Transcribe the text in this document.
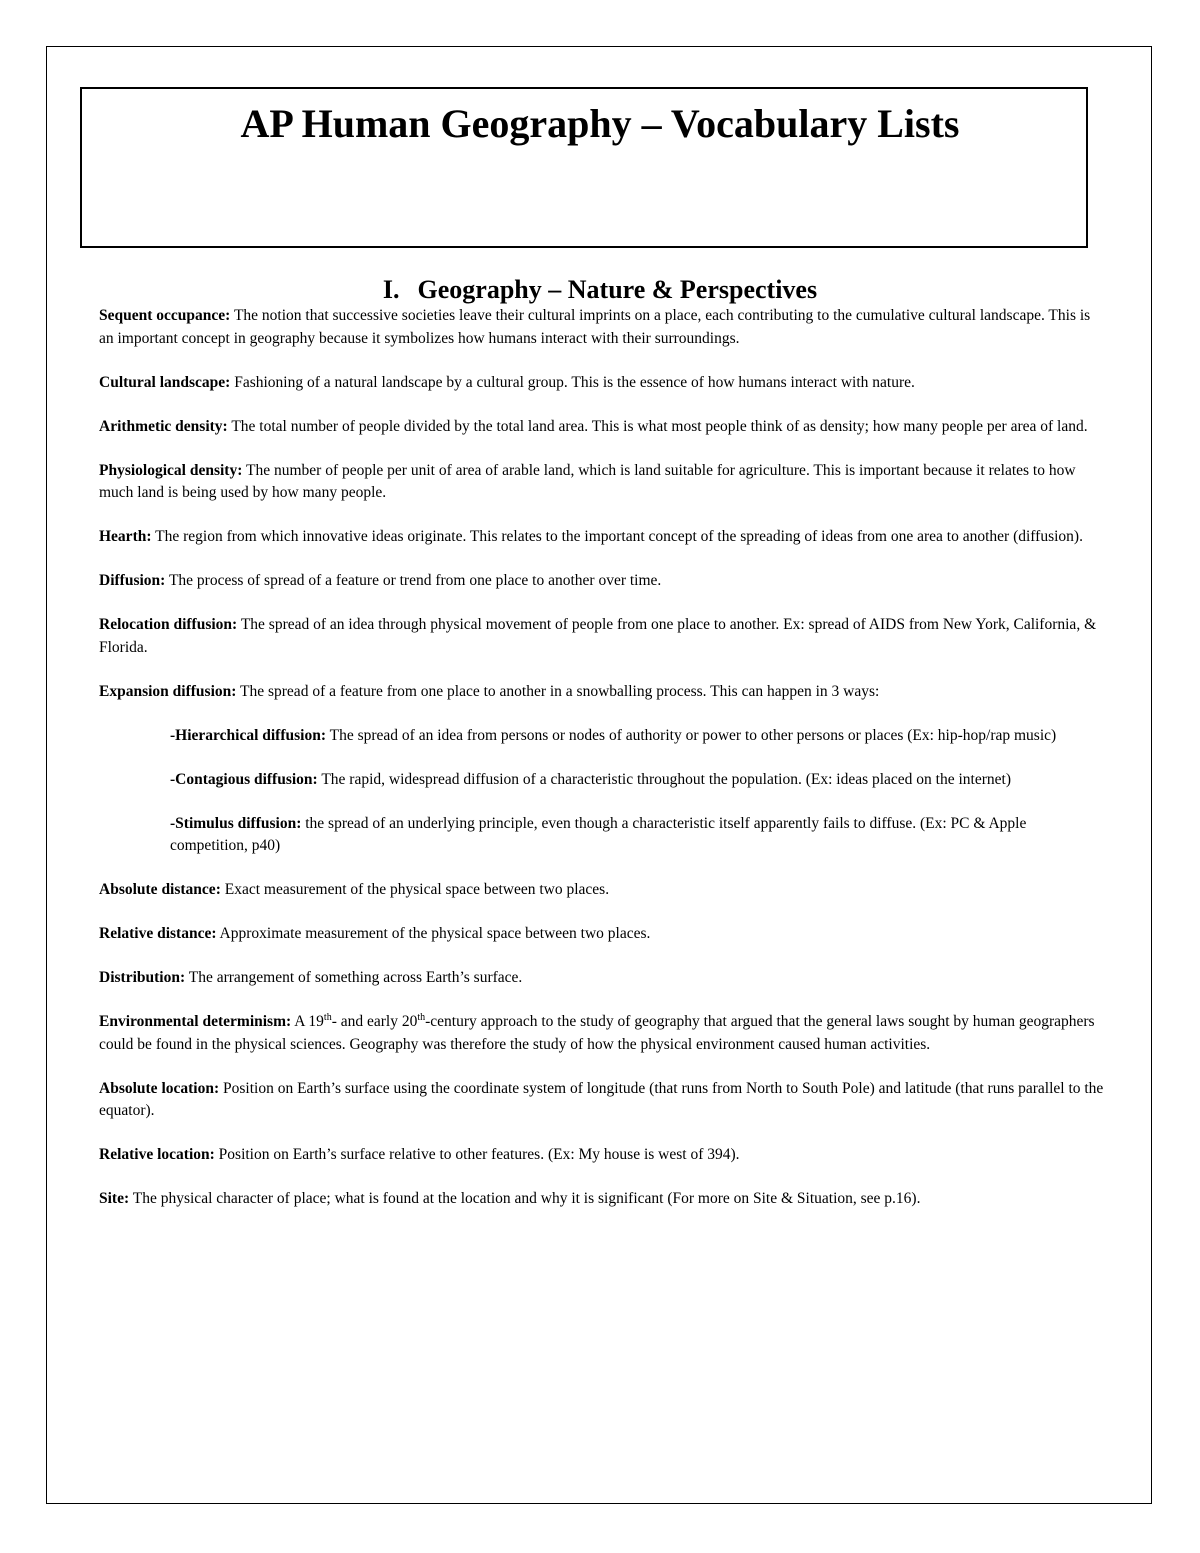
AP Human Geography – Vocabulary Lists
I. Geography – Nature & Perspectives

Sequent occupance: The notion that successive societies leave their cultural imprints on a place, each contributing to the cumulative cultural landscape. This is an important concept in geography because it symbolizes how humans interact with their surroundings.

Cultural landscape: Fashioning of a natural landscape by a cultural group. This is the essence of how humans interact with nature.

Arithmetic density: The total number of people divided by the total land area. This is what most people think of as density; how many people per area of land.

Physiological density: The number of people per unit of area of arable land, which is land suitable for agriculture. This is important because it relates to how much land is being used by how many people.

Hearth: The region from which innovative ideas originate. This relates to the important concept of the spreading of ideas from one area to another (diffusion).

Diffusion: The process of spread of a feature or trend from one place to another over time.

Relocation diffusion: The spread of an idea through physical movement of people from one place to another. Ex: spread of AIDS from New York, California, & Florida.

Expansion diffusion: The spread of a feature from one place to another in a snowballing process. This can happen in 3 ways:

-Hierarchical diffusion: The spread of an idea from persons or nodes of authority or power to other persons or places (Ex: hip-hop/rap music)

-Contagious diffusion: The rapid, widespread diffusion of a characteristic throughout the population. (Ex: ideas placed on the internet)

-Stimulus diffusion: the spread of an underlying principle, even though a characteristic itself apparently fails to diffuse. (Ex: PC & Apple competition, p40)

Absolute distance: Exact measurement of the physical space between two places.

Relative distance: Approximate measurement of the physical space between two places.

Distribution: The arrangement of something across Earth’s surface.

Environmental determinism: A 19th- and early 20th-century approach to the study of geography that argued that the general laws sought by human geographers could be found in the physical sciences. Geography was therefore the study of how the physical environment caused human activities.

Absolute location: Position on Earth’s surface using the coordinate system of longitude (that runs from North to South Pole) and latitude (that runs parallel to the equator).

Relative location: Position on Earth’s surface relative to other features. (Ex: My house is west of 394).

Site: The physical character of place; what is found at the location and why it is significant (For more on Site & Situation, see p.16).
